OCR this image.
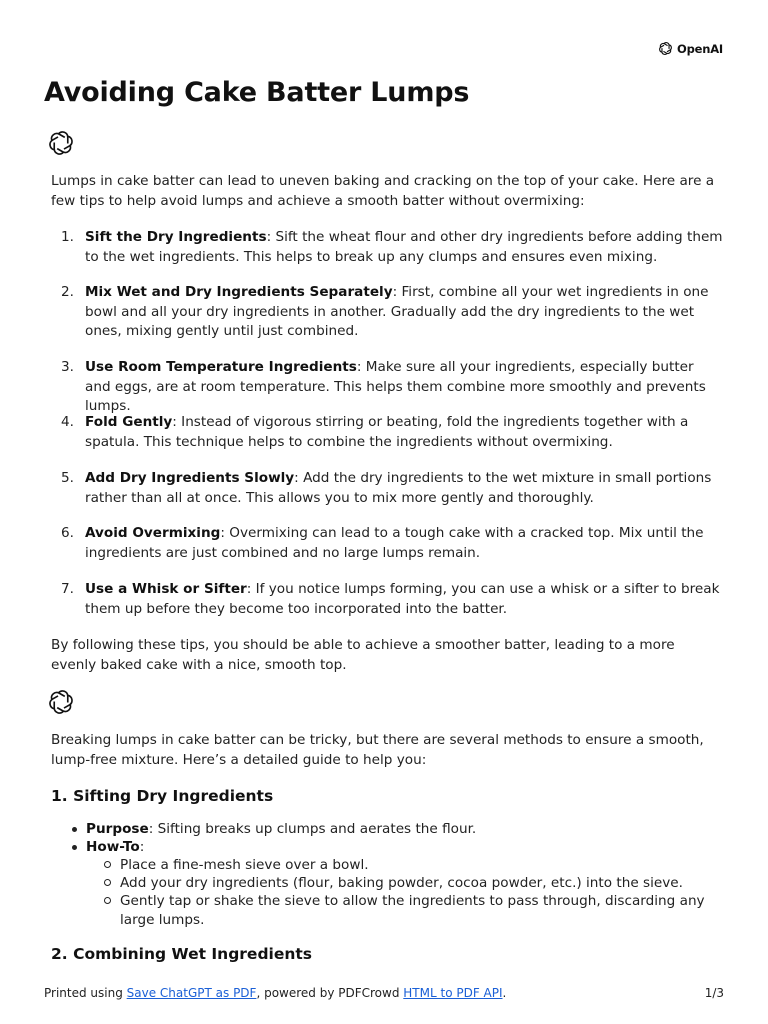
OpenAI
Avoiding Cake Batter Lumps

Lumps in cake batter can lead to uneven baking and cracking on the top of your cake. Here are a few tips to help avoid lumps and achieve a smooth batter without overmixing:

1. Sift the Dry Ingredients: Sift the wheat flour and other dry ingredients before adding them to the wet ingredients. This helps to break up any clumps and ensures even mixing.
2. Mix Wet and Dry Ingredients Separately: First, combine all your wet ingredients in one bowl and all your dry ingredients in another. Gradually add the dry ingredients to the wet ones, mixing gently until just combined.
3. Use Room Temperature Ingredients: Make sure all your ingredients, especially butter and eggs, are at room temperature. This helps them combine more smoothly and prevents lumps.
4. Fold Gently: Instead of vigorous stirring or beating, fold the ingredients together with a spatula. This technique helps to combine the ingredients without overmixing.
5. Add Dry Ingredients Slowly: Add the dry ingredients to the wet mixture in small portions rather than all at once. This allows you to mix more gently and thoroughly.
6. Avoid Overmixing: Overmixing can lead to a tough cake with a cracked top. Mix until the ingredients are just combined and no large lumps remain.
7. Use a Whisk or Sifter: If you notice lumps forming, you can use a whisk or a sifter to break them up before they become too incorporated into the batter.

By following these tips, you should be able to achieve a smoother batter, leading to a more evenly baked cake with a nice, smooth top.

Breaking lumps in cake batter can be tricky, but there are several methods to ensure a smooth, lump-free mixture. Here’s a detailed guide to help you:

1. Sifting Dry Ingredients
Purpose: Sifting breaks up clumps and aerates the flour.
How-To:
Place a fine-mesh sieve over a bowl.
Add your dry ingredients (flour, baking powder, cocoa powder, etc.) into the sieve.
Gently tap or shake the sieve to allow the ingredients to pass through, discarding any large lumps.
2. Combining Wet Ingredients
Printed using Save ChatGPT as PDF, powered by PDFCrowd HTML to PDF API.	1/3
